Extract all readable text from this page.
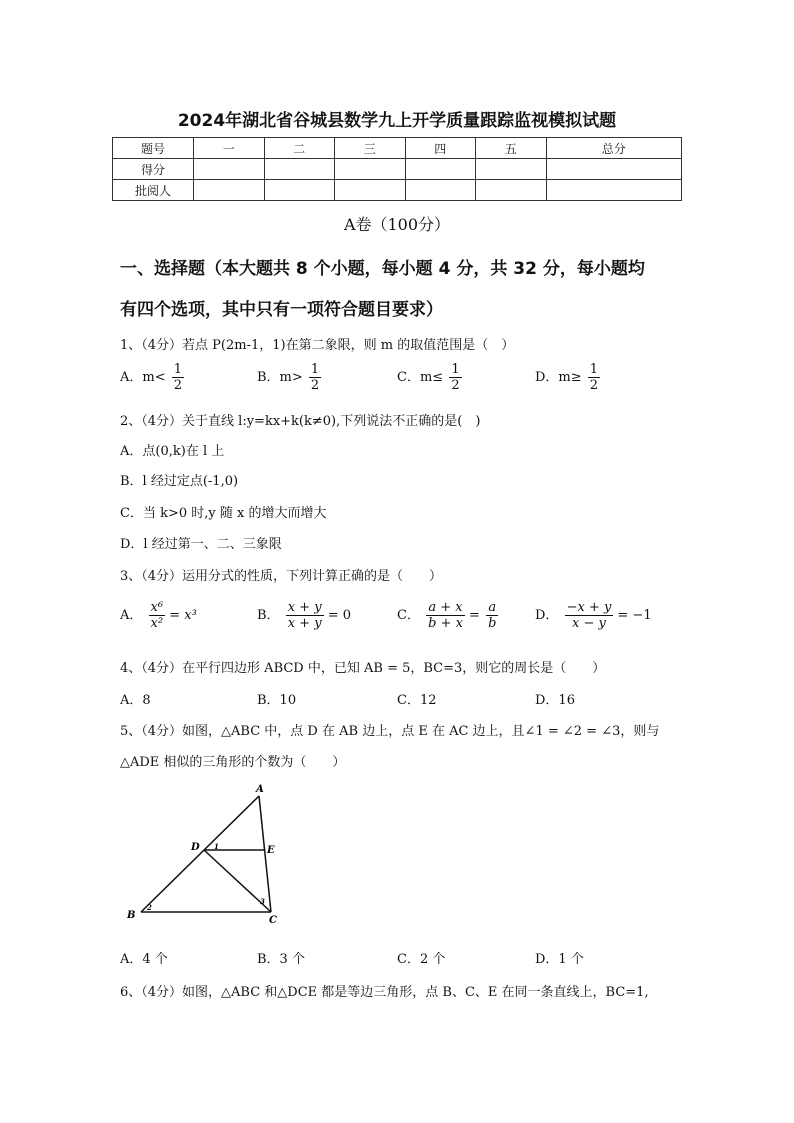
2024年湖北省谷城县数学九上开学质量跟踪监视模拟试题
题号	一	二	三	四	五	总分
得分						
批阅人						
A卷（100分）
一、选择题（本大题共 8 个小题，每小题 4 分，共 32 分，每小题均
有四个选项，其中只有一项符合题目要求）
1、（4分）若点 P(2m-1，1)在第二象限，则 m 的取值范围是（　）
A．$m< \frac{1}{2}$	B．$m> \frac{1}{2}$	C．$m\le \frac{1}{2}$	D．$m\ge \frac{1}{2}$
2、（4分）关于直线 l:y=kx+k(k≠0),下列说法不正确的是(　)
A．点(0,k)在 l 上
B．l 经过定点(-1,0)
C．当 k>0 时,y 随 x 的增大而增大
D．l 经过第一、二、三象限
3、（4分）运用分式的性质，下列计算正确的是（　　）
A． $\frac{\text{x⁶}}{\text{x²}} = x^3$	B． $\frac{x + y}{x + y} = 0$	C． $\frac{a + x}{b + x} = \frac{a}{b}$	D． $\frac{-x + y}{x - y} = -1$
4、（4分）在平行四边形 ABCD 中，已知 AB = 5，BC=3，则它的周长是（　　）
A．8	B．10	C．12	D．16
5、（4分）如图，△ABC 中，点 D 在 AB 边上，点 E 在 AC 边上，且∠1 = ∠2 = ∠3，则与
△ADE 相似的三角形的个数为（　　）
A
D	E
B	C
1
2
3
A．4 个	B．3 个	C．2 个	D．1 个
6、（4分）如图，△ABC 和△DCE 都是等边三角形，点 B、C、E 在同一条直线上，BC=1,
